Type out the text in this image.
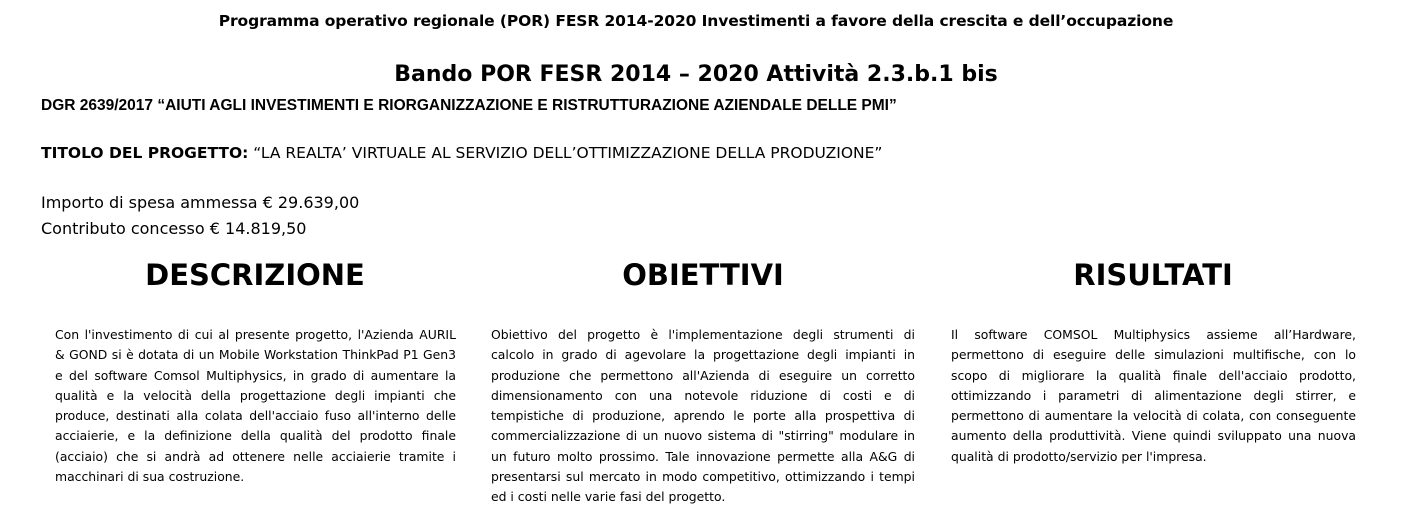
Programma operativo regionale (POR) FESR 2014-2020 Investimenti a favore della crescita e dell’occupazione
Bando POR FESR 2014 – 2020 Attività 2.3.b.1 bis
DGR 2639/2017 “AIUTI AGLI INVESTIMENTI E RIORGANIZZAZIONE E RISTRUTTURAZIONE AZIENDALE DELLE PMI”
TITOLO DEL PROGETTO: “LA REALTA’ VIRTUALE AL SERVIZIO DELL’OTTIMIZZAZIONE DELLA PRODUZIONE”
Importo di spesa ammessa € 29.639,00
Contributo concesso € 14.819,50
DESCRIZIONE	OBIETTIVI	RISULTATI
Con l'investimento di cui al presente progetto, l'Azienda AURIL & GOND si è dotata di un Mobile Workstation ThinkPad P1 Gen3 e del software Comsol Multiphysics, in grado di aumentare la qualità e la velocità della progettazione degli impianti che produce, destinati alla colata dell'acciaio fuso all'interno delle acciaierie, e la definizione della qualità del prodotto finale (acciaio) che si andrà ad ottenere nelle acciaierie tramite i macchinari di sua costruzione.
Obiettivo del progetto è l'implementazione degli strumenti di calcolo in grado di agevolare la progettazione degli impianti in produzione che permettono all'Azienda di eseguire un corretto dimensionamento con una notevole riduzione di costi e di tempistiche di produzione, aprendo le porte alla prospettiva di commercializzazione di un nuovo sistema di "stirring" modulare in un futuro molto prossimo. Tale innovazione permette alla A&G di presentarsi sul mercato in modo competitivo, ottimizzando i tempi ed i costi nelle varie fasi del progetto.
Il software COMSOL Multiphysics assieme all’Hardware, permettono di eseguire delle simulazioni multifische, con lo scopo di migliorare la qualità finale dell'acciaio prodotto, ottimizzando i parametri di alimentazione degli stirrer, e permettono di aumentare la velocità di colata, con conseguente aumento della produttività. Viene quindi sviluppato una nuova qualità di prodotto/servizio per l'impresa.
